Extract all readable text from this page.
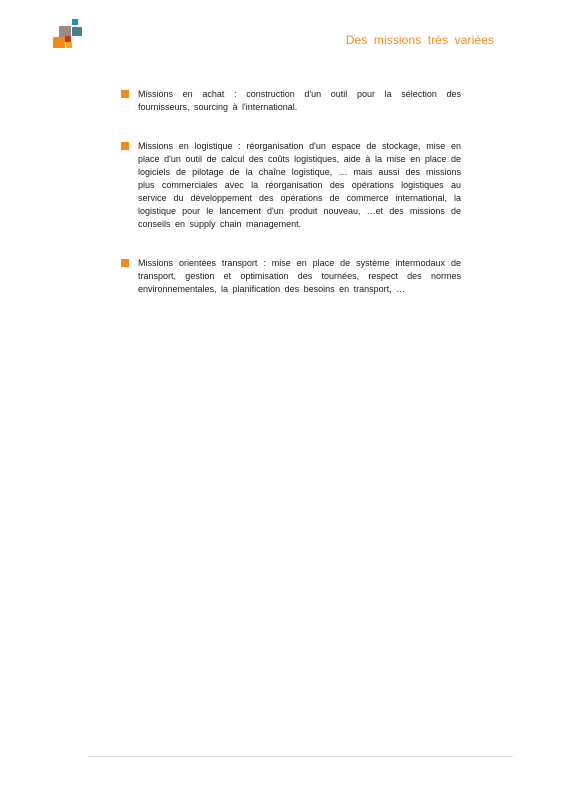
Des missions très variées
Missions en achat : construction d'un outil pour la sélection des fournisseurs, sourcing à l'international.
Missions en logistique : réorganisation d'un espace de stockage, mise en place d'un outil de calcul des coûts logistiques, aide à la mise en place de logiciels de pilotage de la chaîne logistique, … mais aussi des missions plus commerciales avec la réorganisation des opérations logistiques au service du développement des opérations de commerce international, la logistique pour le lancement d'un produit nouveau, …et des missions de conseils en supply chain management.
Missions orientées transport : mise en place de système intermodaux de transport, gestion et optimisation des tournées, respect des normes environnementales, la planification des besoins en transport, …
